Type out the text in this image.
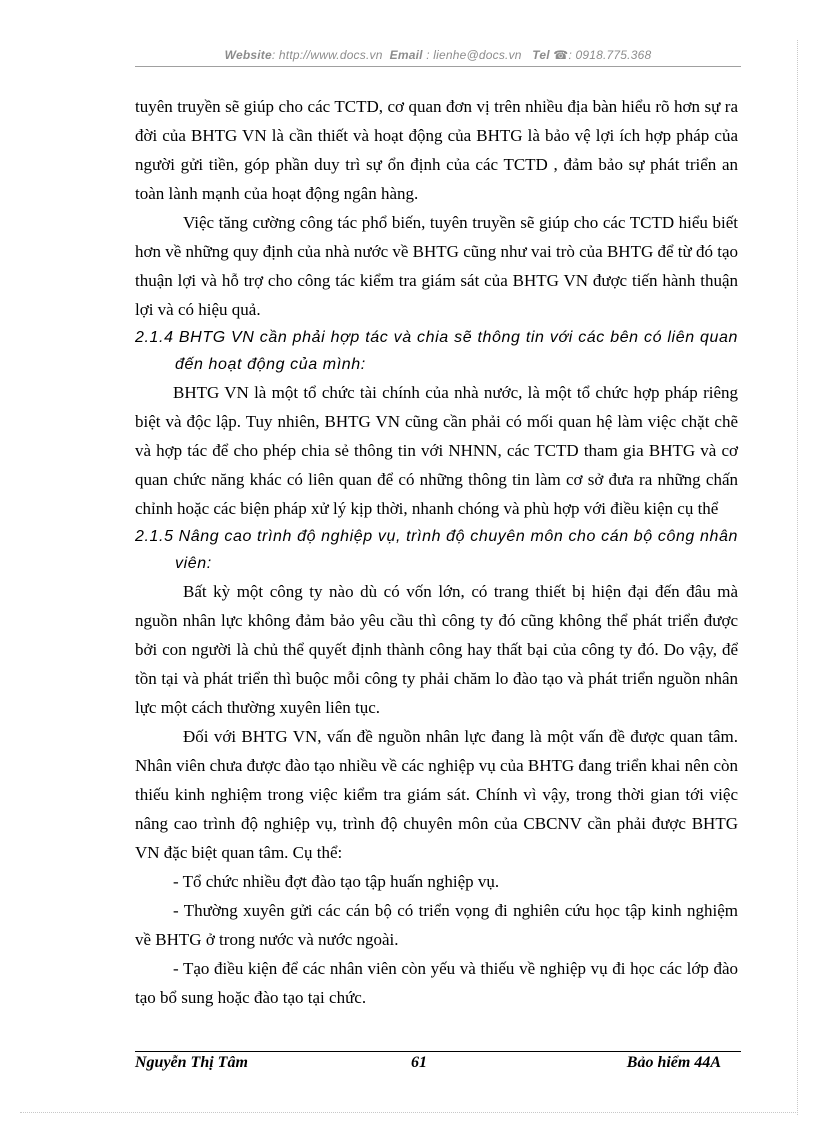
Website: http://www.docs.vn Email : lienhe@docs.vn Tel ☎: 0918.775.368

tuyên truyền sẽ giúp cho các TCTD, cơ quan đơn vị trên nhiều địa bàn hiểu rõ hơn sự ra đời của BHTG VN là cần thiết và hoạt động của BHTG là bảo vệ lợi ích hợp pháp của người gửi tiền, góp phần duy trì sự ổn định của các TCTD , đảm bảo sự phát triển an toàn lành mạnh của hoạt động ngân hàng.

Việc tăng cường công tác phổ biến, tuyên truyền sẽ giúp cho các TCTD hiểu biết hơn về những quy định của nhà nước về BHTG cũng như vai trò của BHTG để từ đó tạo thuận lợi và hỗ trợ cho công tác kiểm tra giám sát của BHTG VN được tiến hành thuận lợi và có hiệu quả.

2.1.4 BHTG VN cần phải hợp tác và chia sẽ thông tin với các bên có liên quan đến hoạt động của mình:

BHTG VN là một tổ chức tài chính của nhà nước, là một tổ chức hợp pháp riêng biệt và độc lập. Tuy nhiên, BHTG VN cũng cần phải có mối quan hệ làm việc chặt chẽ và hợp tác để cho phép chia sẻ thông tin với NHNN, các TCTD tham gia BHTG và cơ quan chức năng khác có liên quan để có những thông tin làm cơ sở đưa ra những chấn chỉnh hoặc các biện pháp xử lý kịp thời, nhanh chóng và phù hợp với điều kiện cụ thể

2.1.5 Nâng cao trình độ nghiệp vụ, trình độ chuyên môn cho cán bộ công nhân viên:

Bất kỳ một công ty nào dù có vốn lớn, có trang thiết bị hiện đại đến đâu mà nguồn nhân lực không đảm bảo yêu cầu thì công ty đó cũng không thể phát triển được bởi con người là chủ thể quyết định thành công hay thất bại của công ty đó. Do vậy, để tồn tại và phát triển thì buộc mỗi công ty phải chăm lo đào tạo và phát triển nguồn nhân lực một cách thường xuyên liên tục.

Đối với BHTG VN, vấn đề nguồn nhân lực đang là một vấn đề được quan tâm. Nhân viên chưa được đào tạo nhiều về các nghiệp vụ của BHTG đang triển khai nên còn thiếu kinh nghiệm trong việc kiểm tra giám sát. Chính vì vậy, trong thời gian tới việc nâng cao trình độ nghiệp vụ, trình độ chuyên môn của CBCNV cần phải được BHTG VN đặc biệt quan tâm. Cụ thể:

- Tổ chức nhiều đợt đào tạo tập huấn nghiệp vụ.

- Thường xuyên gửi các cán bộ có triển vọng đi nghiên cứu học tập kinh nghiệm về BHTG ở trong nước và nước ngoài.

- Tạo điều kiện để các nhân viên còn yếu và thiếu về nghiệp vụ đi học các lớp đào tạo bổ sung hoặc đào tạo tại chức.

Nguyễn Thị Tâm	61	Bảo hiểm 44A
